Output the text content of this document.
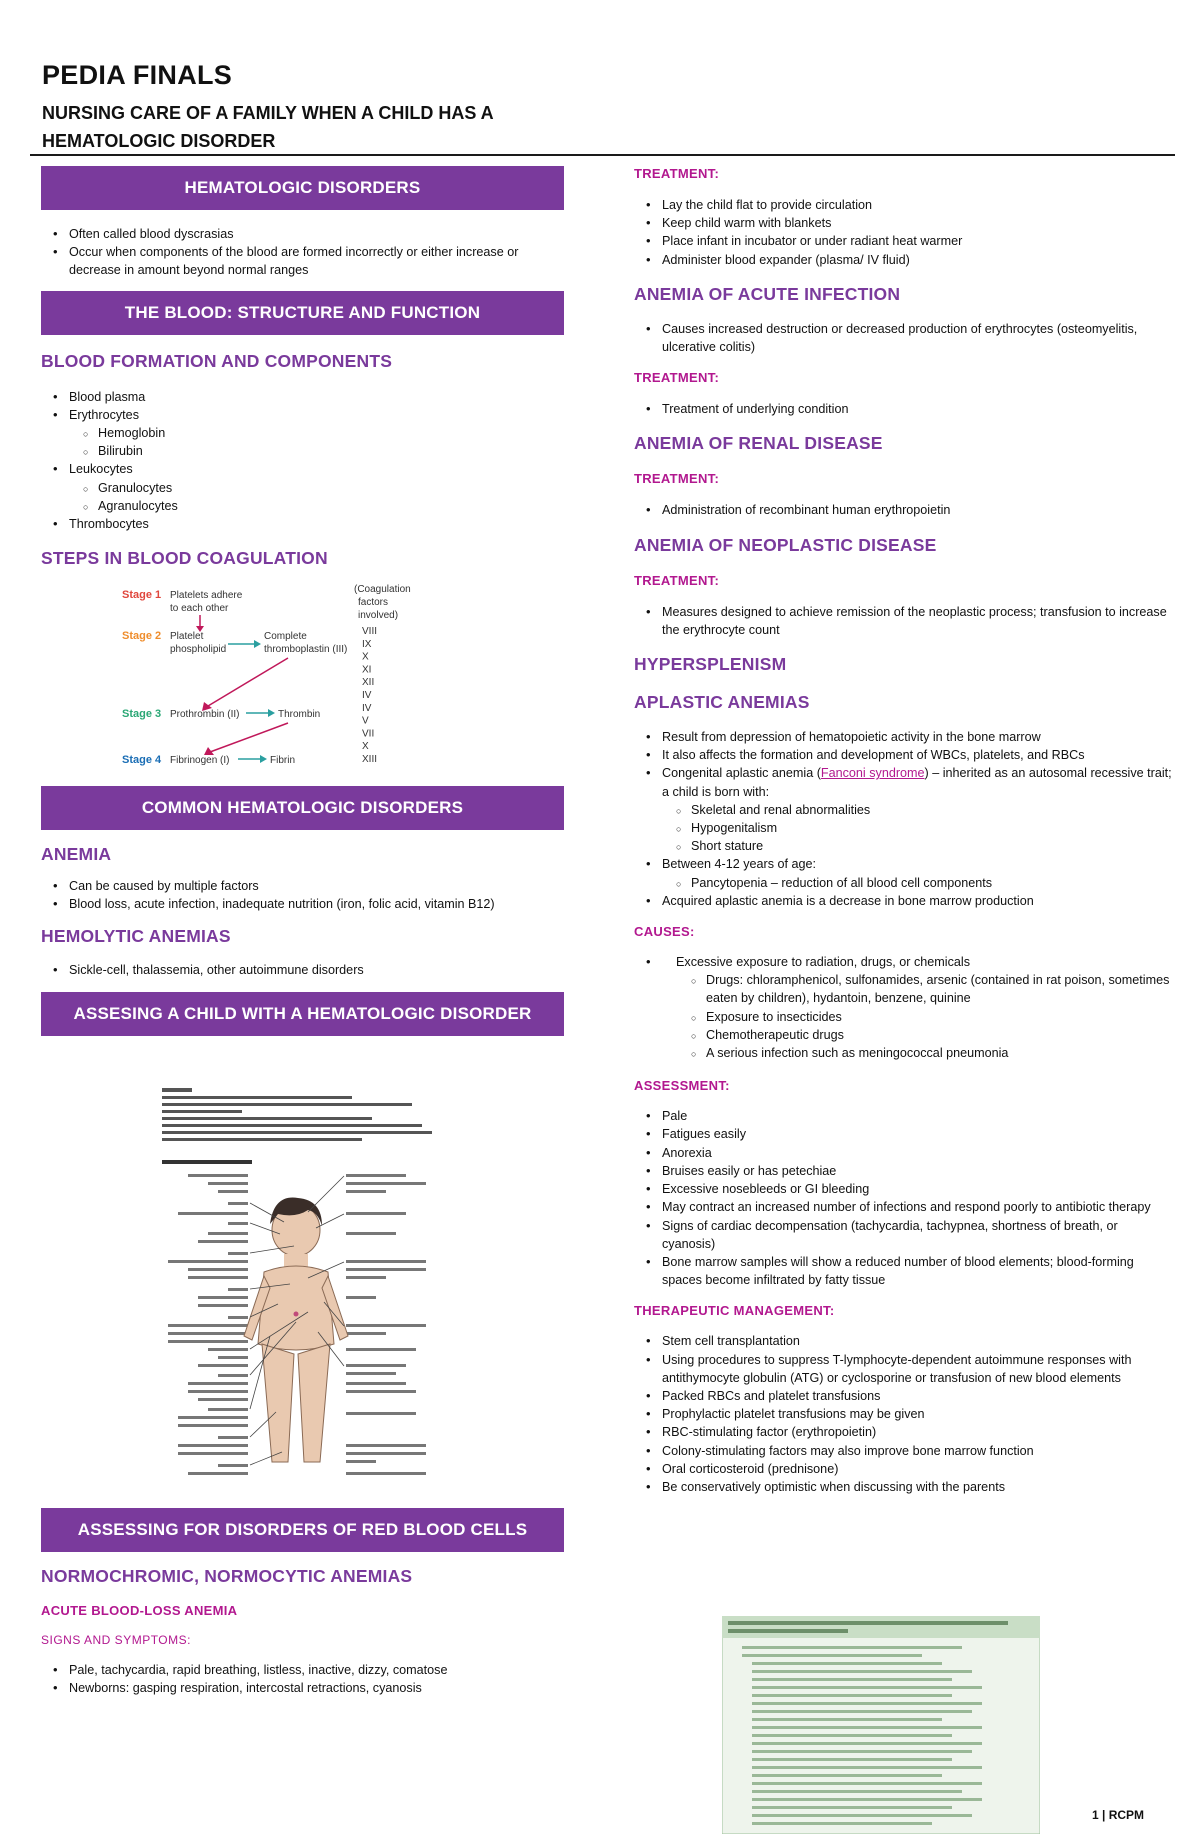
PEDIA FINALS
NURSING CARE OF A FAMILY WHEN A CHILD HAS A HEMATOLOGIC DISORDER
HEMATOLOGIC DISORDERS
• Often called blood dyscrasias
• Occur when components of the blood are formed incorrectly or either increase or decrease in amount beyond normal ranges
THE BLOOD: STRUCTURE AND FUNCTION
BLOOD FORMATION AND COMPONENTS
• Blood plasma
• Erythrocytes
○ Hemoglobin
○ Bilirubin
• Leukocytes
○ Granulocytes
○ Agranulocytes
• Thrombocytes
STEPS IN BLOOD COAGULATION
Stage 1 Platelets adhere
to each other
Stage 2 Platelet
phospholipid
Complete
thromboplastin (III)
Stage 3 Prothrombin (II)	Thrombin
Stage 4 Fibrinogen (I)	Fibrin
(Coagulation
factors
involved)
VIII
IX
X
XI
XII
IV
IV
V
VII
X
XIII
COMMON HEMATOLOGIC DISORDERS
ANEMIA
• Can be caused by multiple factors
• Blood loss, acute infection, inadequate nutrition (iron, folic acid, vitamin B12)
HEMOLYTIC ANEMIAS
• Sickle-cell, thalassemia, other autoimmune disorders
ASSESING A CHILD WITH A HEMATOLOGIC DISORDER
ASSESSING FOR DISORDERS OF RED BLOOD CELLS
NORMOCHROMIC, NORMOCYTIC ANEMIAS
ACUTE BLOOD-LOSS ANEMIA
SIGNS AND SYMPTOMS:
• Pale, tachycardia, rapid breathing, listless, inactive, dizzy, comatose
• Newborns: gasping respiration, intercostal retractions, cyanosis
TREATMENT:
• Lay the child flat to provide circulation
• Keep child warm with blankets
• Place infant in incubator or under radiant heat warmer
• Administer blood expander (plasma/ IV fluid)
ANEMIA OF ACUTE INFECTION
• Causes increased destruction or decreased production of erythrocytes (osteomyelitis, ulcerative colitis)
TREATMENT:
• Treatment of underlying condition
ANEMIA OF RENAL DISEASE
TREATMENT:
• Administration of recombinant human erythropoietin
ANEMIA OF NEOPLASTIC DISEASE
TREATMENT:
• Measures designed to achieve remission of the neoplastic process; transfusion to increase the erythrocyte count
HYPERSPLENISM
APLASTIC ANEMIAS
• Result from depression of hematopoietic activity in the bone marrow
• It also affects the formation and development of WBCs, platelets, and RBCs
• Congenital aplastic anemia (Fanconi syndrome) – inherited as an autosomal recessive trait; a child is born with:
○ Skeletal and renal abnormalities
○ Hypogenitalism
○ Short stature
• Between 4-12 years of age:
○ Pancytopenia – reduction of all blood cell components
• Acquired aplastic anemia is a decrease in bone marrow production
CAUSES:
• Excessive exposure to radiation, drugs, or chemicals
○ Drugs: chloramphenicol, sulfonamides, arsenic (contained in rat poison, sometimes eaten by children), hydantoin, benzene, quinine
○ Exposure to insecticides
○ Chemotherapeutic drugs
○ A serious infection such as meningococcal pneumonia
ASSESSMENT:
• Pale
• Fatigues easily
• Anorexia
• Bruises easily or has petechiae
• Excessive nosebleeds or GI bleeding
• May contract an increased number of infections and respond poorly to antibiotic therapy
• Signs of cardiac decompensation (tachycardia, tachypnea, shortness of breath, or cyanosis)
• Bone marrow samples will show a reduced number of blood elements; blood-forming spaces become infiltrated by fatty tissue
THERAPEUTIC MANAGEMENT:
• Stem cell transplantation
• Using procedures to suppress T-lymphocyte-dependent autoimmune responses with antithymocyte globulin (ATG) or cyclosporine or transfusion of new blood elements
• Packed RBCs and platelet transfusions
• Prophylactic platelet transfusions may be given
• RBC-stimulating factor (erythropoietin)
• Colony-stimulating factors may also improve bone marrow function
• Oral corticosteroid (prednisone)
• Be conservatively optimistic when discussing with the parents
1 | RCPM
